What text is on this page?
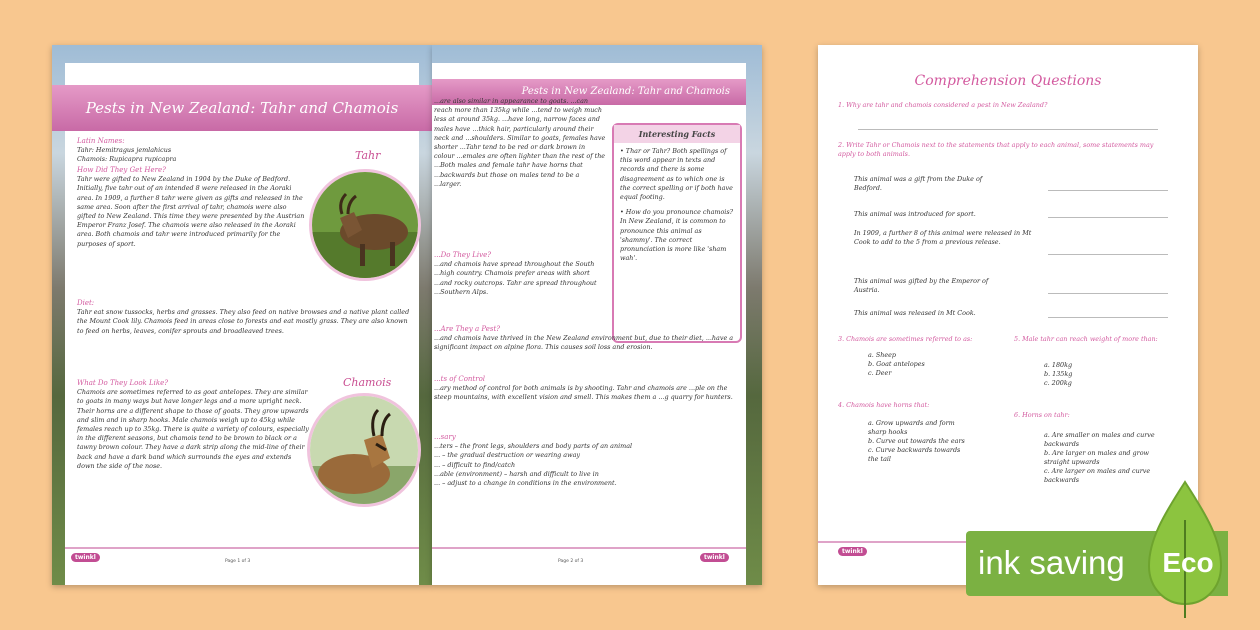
Pests in New Zealand: Tahr and Chamois
Latin Names:
Tahr: Hemitragus jemlahicus
Chamois: Rupicapra rupicapra	Tahr
How Did They Get Here?
Tahr were gifted to New Zealand in 1904 by the Duke of Bedford. Initially, five tahr out of an intended 8 were released in the Aoraki area. In 1909, a further 8 tahr were given as gifts and released in the same area. Soon after the first arrival of tahr, chamois were also gifted to New Zealand. This time they were presented by the Austrian Emperor Franz Josef. The chamois were also released in the Aoraki area. Both chamois and tahr were introduced primarily for the purposes of sport.
Diet:
Tahr eat snow tussocks, herbs and grasses. They also feed on native browses and a native plant called the Mount Cook lily. Chamois feed in areas close to forests and eat mostly grass. They are also known to feed on herbs, leaves, conifer sprouts and broadleaved trees.
Chamois
What Do They Look Like?
Chamois are sometimes referred to as goat antelopes. They are similar to goats in many ways but have longer legs and a more upright neck. Their horns are a different shape to those of goats. They grow upwards and slim and in sharp hooks. Male chamois weigh up to 45kg while females reach up to 35kg. There is quite a variety of colours, especially in the different seasons, but chamois tend to be brown to black or a tawny brown colour. They have a dark strip along the mid-line of their back and have a dark band which surrounds the eyes and extends down the side of the nose.
twinkl
Page 1 of 3
Pests in New Zealand: Tahr and Chamois
...are also similar in appearance to goats. ...can reach more than 135kg while ...tend to weigh much less at around 35kg. ...have long, narrow faces and males have ...thick hair, particularly around their neck and ...shoulders. Similar to goats, females have shorter ...Tahr tend to be red or dark brown in colour ...emales are often lighter than the rest of the ...Both males and female tahr have horns that ...backwards but those on males tend to be a ...larger.
Interesting Facts
• Thar or Tahr? Both spellings of this word appear in texts and records and there is some disagreement as to which one is the correct spelling or if both have equal footing.
• How do you pronounce chamois? In New Zealand, it is common to pronounce this animal as 'shammy'. The correct pronunciation is more like 'sham wah'.
...Do They Live?
...and chamois have spread throughout the South ...high country. Chamois prefer areas with short ...and rocky outcrops. Tahr are spread throughout ...Southern Alps.
...Are They a Pest?
...and chamois have thrived in the New Zealand environment but, due to their diet, ...have a significant impact on alpine flora. This causes soil loss and erosion.
...ts of Control
...ary method of control for both animals is by shooting. Tahr and chamois are ...ple on the steep mountains, with excellent vision and smell. This makes them a ...g quarry for hunters.
...sary
...ters – the front legs, shoulders and body parts of an animal
... – the gradual destruction or wearing away
... – difficult to find/catch
...able (environment) – harsh and difficult to live in
... – adjust to a change in conditions in the environment.
Page 2 of 3
twinkl
Comprehension Questions
1. Why are tahr and chamois considered a pest in New Zealand?
2. Write Tahr or Chamois next to the statements that apply to each animal, some statements may apply to both animals.
This animal was a gift from the Duke of Bedford.
This animal was introduced for sport.
In 1909, a further 8 of this animal were released in Mt Cook to add to the 5 from a previous release.
This animal was gifted by the Emperor of Austria.
This animal was released in Mt Cook.
3. Chamois are sometimes referred to as:
a. Sheep
b. Goat antelopes
c. Deer
4. Chamois have horns that:
a. Grow upwards and form sharp hooks
b. Curve out towards the ears
c. Curve backwards towards the tail
5. Male tahr can reach weight of more than:
a. 180kg
b. 135kg
c. 200kg
6. Horns on tahr:
a. Are smaller on males and curve backwards
b. Are larger on males and grow straight upwards
c. Are larger on males and curve backwards
twinkl	ink saving Eco
